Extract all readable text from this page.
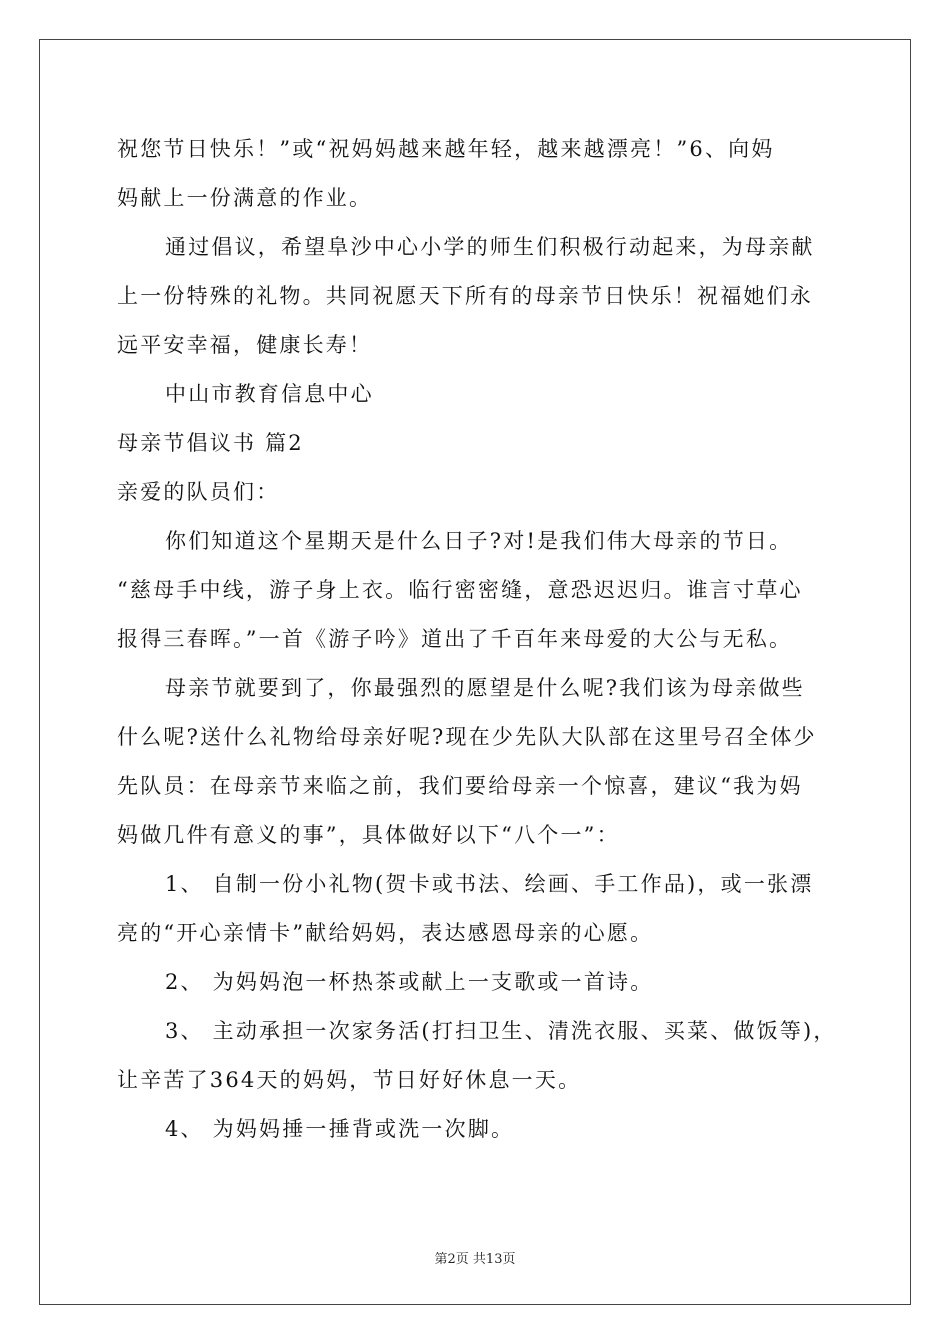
祝您节日快乐！”或“祝妈妈越来越年轻，越来越漂亮！”6、向妈
妈献上一份满意的作业。
通过倡议，希望阜沙中心小学的师生们积极行动起来，为母亲献
上一份特殊的礼物。共同祝愿天下所有的母亲节日快乐！祝福她们永
远平安幸福，健康长寿！
中山市教育信息中心
母亲节倡议书 篇2
亲爱的队员们：
你们知道这个星期天是什么日子?对!是我们伟大母亲的节日。
“慈母手中线，游子身上衣。临行密密缝，意恐迟迟归。谁言寸草心
报得三春晖。”一首《游子吟》道出了千百年来母爱的大公与无私。
母亲节就要到了，你最强烈的愿望是什么呢?我们该为母亲做些
什么呢?送什么礼物给母亲好呢?现在少先队大队部在这里号召全体少
先队员：在母亲节来临之前，我们要给母亲一个惊喜，建议“我为妈
妈做几件有意义的事”，具体做好以下“八个一”：
1、 自制一份小礼物(贺卡或书法、绘画、手工作品)，或一张漂
亮的“开心亲情卡”献给妈妈，表达感恩母亲的心愿。
2、 为妈妈泡一杯热茶或献上一支歌或一首诗。
3、 主动承担一次家务活(打扫卫生、清洗衣服、买菜、做饭等)，
让辛苦了364天的妈妈，节日好好休息一天。
4、 为妈妈捶一捶背或洗一次脚。
第2页 共13页
